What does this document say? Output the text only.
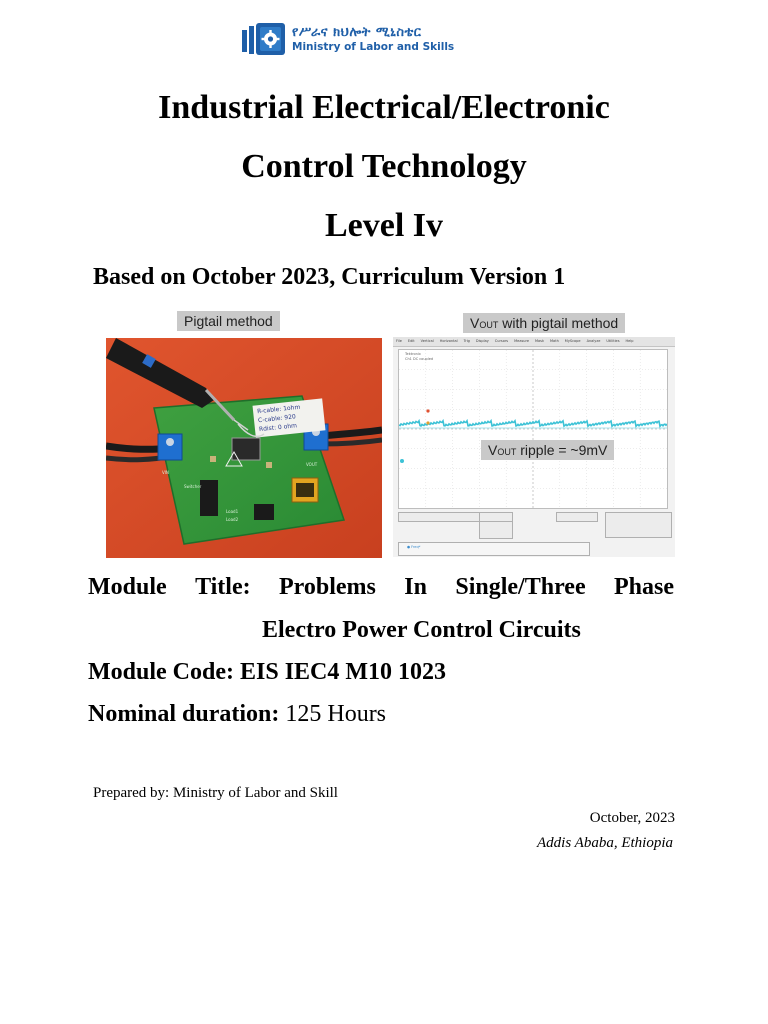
የሥራና ክህሎት ሚኒስቴር
Ministry of Labor and Skills
Industrial Electrical/Electronic
Control Technology
Level Iv
Based on October 2023, Curriculum Version 1
R-cable: 1ohm
C-cable: 920
Rdist: 0 ohm
VIN
VOUT
Switcher
Load1
Load2
Pigtail method	VOUT with pigtail method
File Edit Vertical Horizontal Trig Display Cursors Measure Mask Math MyScope Analyze Utilities Help
Tektronix
Ch1 DC coupled
● Freq*
VOUT ripple = ~9mV
Module Title: Problems In Single/Three Phase
Electro Power Control Circuits
Module Code: EIS IEC4 M10 1023
Nominal duration: 125 Hours
Prepared by: Ministry of Labor and Skill
October, 2023
Addis Ababa, Ethiopia
